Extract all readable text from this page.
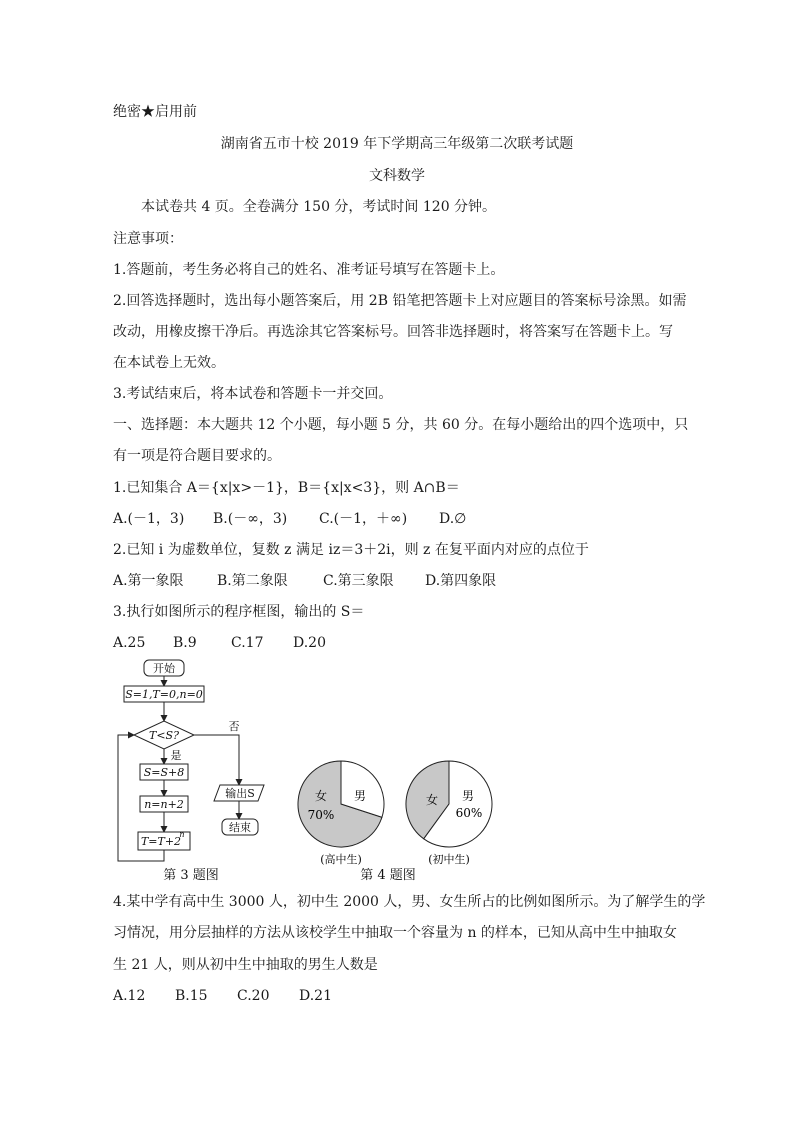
绝密★启用前
湖南省五市十校 2019 年下学期高三年级第二次联考试题
文科数学
本试卷共 4 页。全卷满分 150 分，考试时间 120 分钟。
注意事项：
1.答题前，考生务必将自己的姓名、准考证号填写在答题卡上。
2.回答选择题时，选出每小题答案后，用 2B 铅笔把答题卡上对应题目的答案标号涂黑。如需
改动，用橡皮擦干净后。再选涂其它答案标号。回答非选择题时，将答案写在答题卡上。写
在本试卷上无效。
3.考试结束后，将本试卷和答题卡一并交回。
一、选择题：本大题共 12 个小题，每小题 5 分，共 60 分。在每小题给出的四个选项中，只
有一项是符合题目要求的。
1.已知集合 A＝{x|x>－1}，B＝{x|x<3}，则 A∩B＝
A.(－1，3) B.(－∞，3) C.(－1，＋∞) D.∅
2.已知 i 为虚数单位，复数 z 满足 iz＝3＋2i，则 z 在复平面内对应的点位于
A.第一象限 B.第二象限	C.第三象限 D.第四象限
3.执行如图所示的程序框图，输出的 S＝
A.25 B.9 C.17 D.20
开始
S=1,T=0,n=0
T<S?
否
是
S=S+8
n=n+2
T=T+2
n
输出S
结束
第 3 题图
女
70%
男
(高中生)
女 男
60%
(初中生)
第 4 题图
4.某中学有高中生 3000 人，初中生 2000 人，男、女生所占的比例如图所示。为了解学生的学
习情况，用分层抽样的方法从该校学生中抽取一个容量为 n 的样本，已知从高中生中抽取女
生 21 人，则从初中生中抽取的男生人数是
A.12 B.15 C.20 D.21
